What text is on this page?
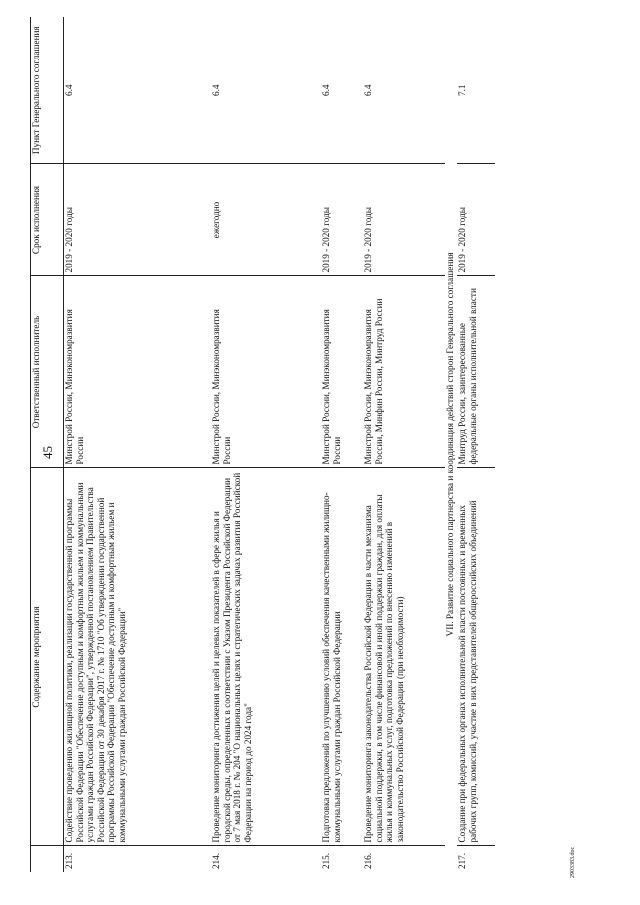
45
	Содержание мероприятия	Ответственный исполнитель	Срок исполнения	Пункт Генерального соглашения
213.	Содействие проведению жилищной политики, реализации государственной программы Российской Федерации "Обеспечение доступным и комфортным жильем и коммунальными услугами граждан Российской Федерации", утвержденной постановлением Правительства Российской Федерации от 30 декабря 2017 г. № 1710 "Об утверждении государственной программы Российской Федерации "Обеспечение доступным и комфортным жильем и коммунальными услугами граждан Российской Федерации"	Минстрой России, Минэкономразвития России	2019 - 2020 годы	6.4
214.	Проведение мониторинга достижения целей и целевых показателей в сфере жилья и городской среды, определенных в соответствии с Указом Президента Российской Федерации от 7 мая 2018 г. № 204 "О национальных целях и стратегических задачах развития Российской Федерации на период до 2024 года"	Минстрой России, Минэкономразвития России	ежегодно	6.4
215.	Подготовка предложений по улучшению условий обеспечения качественными жилищно-коммунальными услугами граждан Российской Федерации	Минстрой России, Минэкономразвития России	2019 - 2020 годы	6.4
216.	Проведение мониторинга законодательства Российской Федерации в части механизма социальной поддержки, в том числе финансовой и иной поддержки граждан, для оплаты жилья и коммунальных услуг, подготовка предложений по внесению изменений в законодательство Российской Федерации (при необходимости)	Минстрой России, Минэкономразвития России, Минфин России, Минтруд России	2019 - 2020 годы	6.4
VII. Развитие социального партнерства и координация действий сторон Генерального соглашения				
217.	Создание при федеральных органах исполнительной власти постоянных и временных рабочих групп, комиссий, участие в них представителей общероссийских объединений	Минтруд России, заинтересованные федеральные органы исполнительной власти	2019 - 2020 годы	7.1
2903383.doc
